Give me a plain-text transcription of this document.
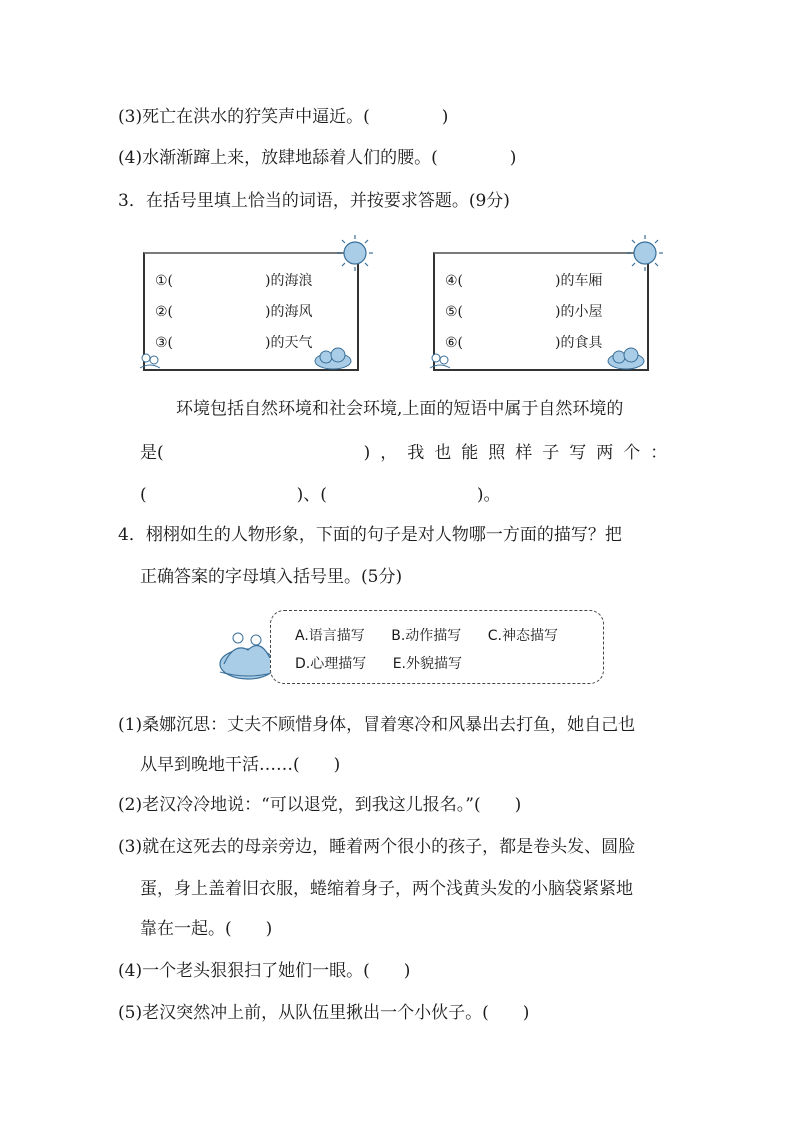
(3)死亡在洪水的狞笑声中逼近。(	)
(4)水渐渐蹿上来，放肆地舔着人们的腰。(	)
3．在括号里填上恰当的词语，并按要求答题。(9分)
①(	)的海浪
②(	)的海风
③(	)的天气
④(	)的车厢
⑤(	)的小屋
⑥(	)的食具
环境包括自然环境和社会环境,上面的短语中属于自然环境的
是(	)，我也能照样子写两个：
(	)、(	)。
4．栩栩如生的人物形象，下面的句子是对人物哪一方面的描写？把
正确答案的字母填入括号里。(5分)
A.语言描写 B.动作描写 C.神态描写
D.心理描写 E.外貌描写
(1)桑娜沉思：丈夫不顾惜身体，冒着寒冷和风暴出去打鱼，她自己也
从早到晚地干活……(　　)
(2)老汉冷冷地说：“可以退党，到我这儿报名。”(　　)
(3)就在这死去的母亲旁边，睡着两个很小的孩子，都是卷头发、圆脸
蛋，身上盖着旧衣服，蜷缩着身子，两个浅黄头发的小脑袋紧紧地
靠在一起。(　　)
(4)一个老头狠狠扫了她们一眼。(　　)
(5)老汉突然冲上前，从队伍里揪出一个小伙子。(　　)
